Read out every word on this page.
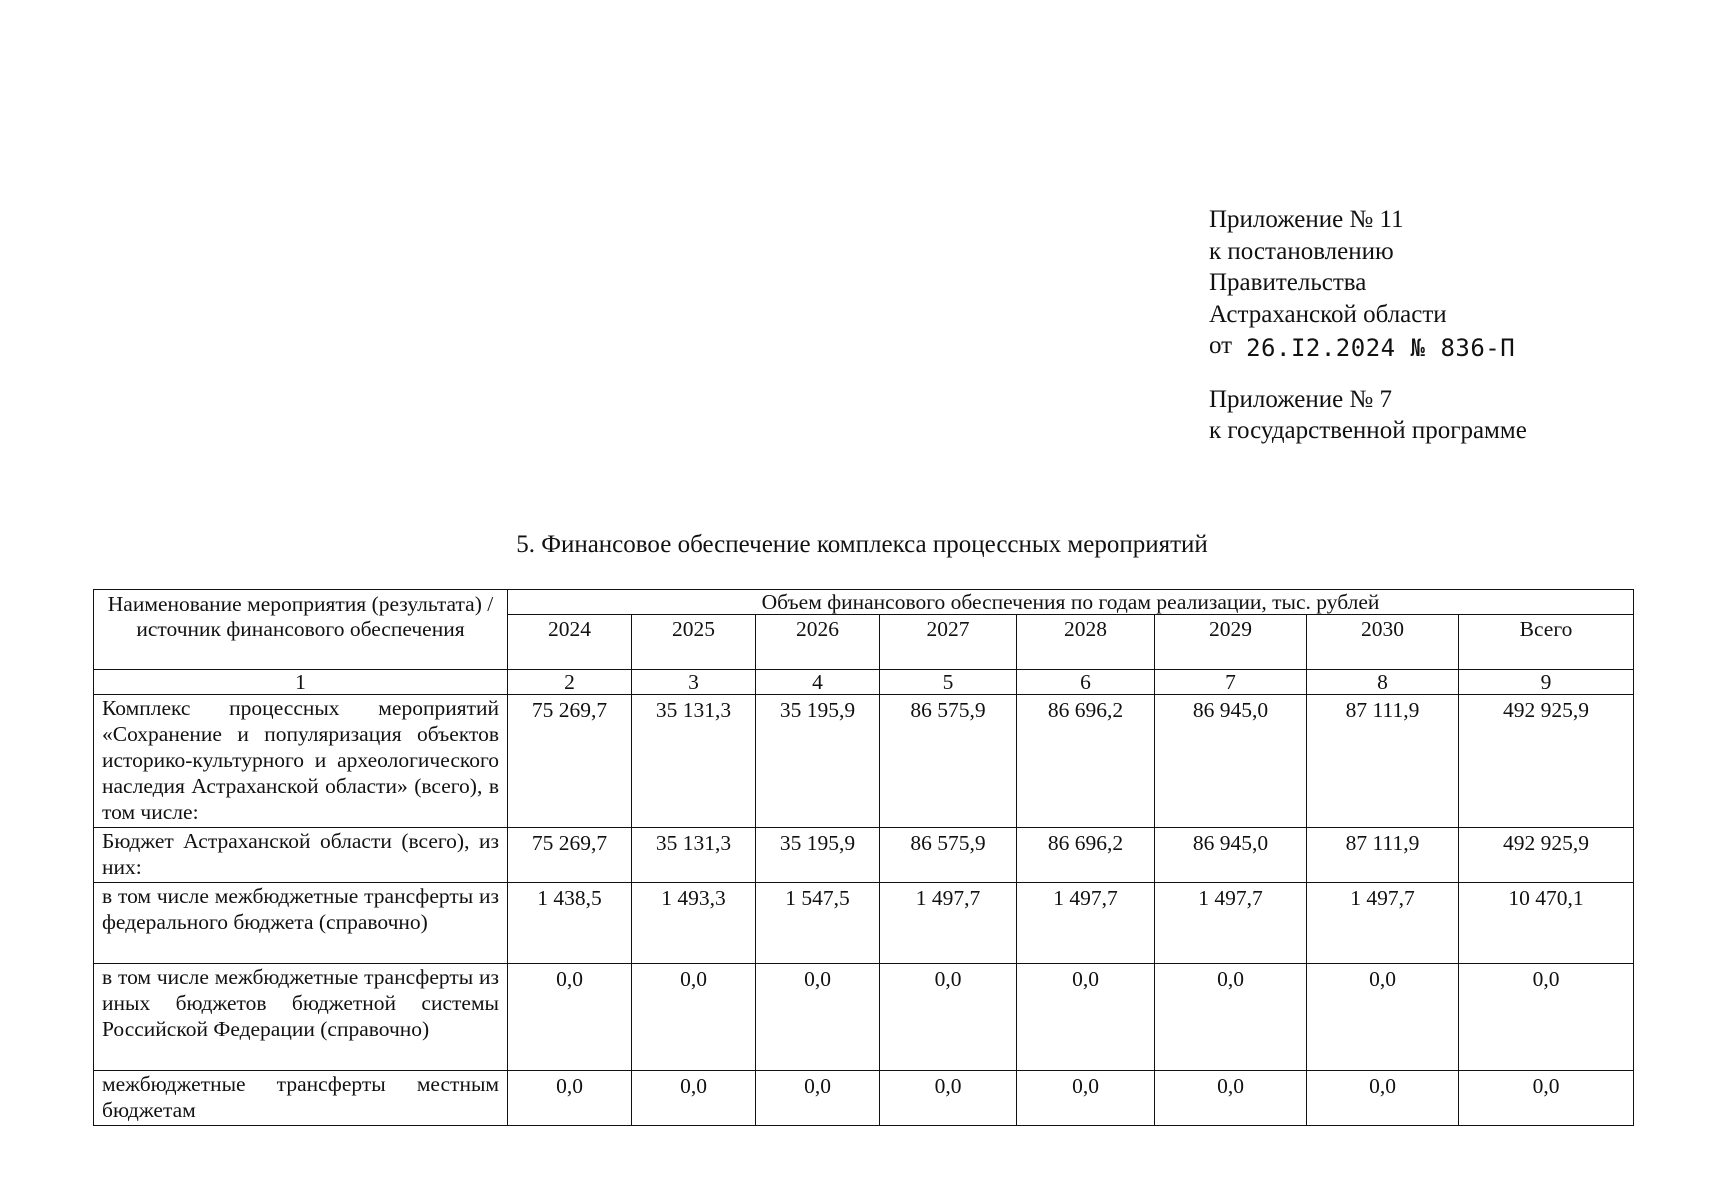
Приложение № 11
к постановлению
Правительства
Астраханской области
от 26.I2.2024 № 836-П
Приложение № 7
к государственной программе
5. Финансовое обеспечение комплекса процессных мероприятий
Наименование мероприятия (результата) / источник финансового обеспечения	Объем финансового обеспечения по годам реализации, тыс. рублей							
	2024	2025	2026	2027	2028	2029	2030	Всего
1	2	3	4	5	6	7	8	9
Комплекс процессных мероприятий «Сохранение и популяризация объектов историко-культурного и археологического наследия Астраханской области» (всего), в том числе:	75 269,7	35 131,3	35 195,9	86 575,9	86 696,2	86 945,0	87 111,9	492 925,9
Бюджет Астраханской области (всего), из них:	75 269,7	35 131,3	35 195,9	86 575,9	86 696,2	86 945,0	87 111,9	492 925,9
в том числе межбюджетные трансферты из федерального бюджета (справочно)	1 438,5	1 493,3	1 547,5	1 497,7	1 497,7	1 497,7	1 497,7	10 470,1
в том числе межбюджетные трансферты из иных бюджетов бюджетной системы Российской Федерации (справочно)	0,0	0,0	0,0	0,0	0,0	0,0	0,0	0,0
межбюджетные трансферты местным бюджетам	0,0	0,0	0,0	0,0	0,0	0,0	0,0	0,0
